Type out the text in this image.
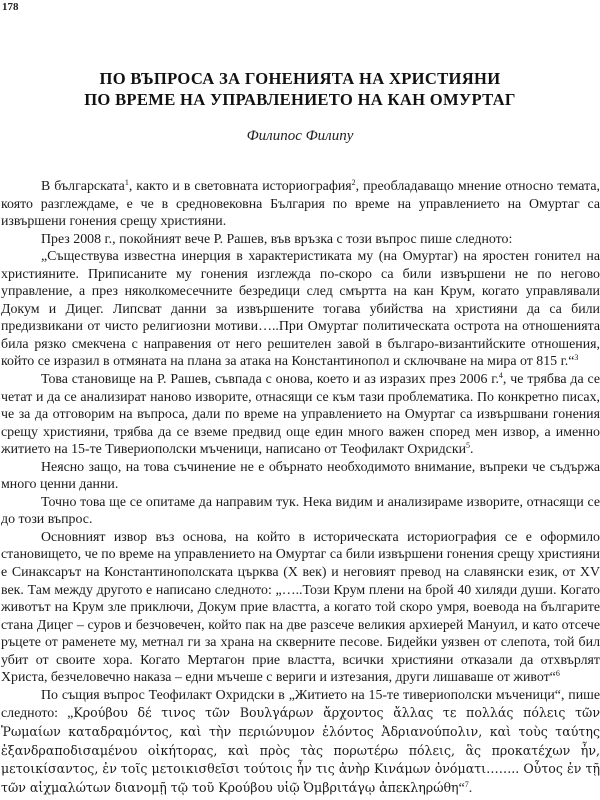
178
ПО ВЪПРОСА ЗА ГОНЕНИЯТА НА ХРИСТИЯНИ
ПО ВРЕМЕ НА УПРАВЛЕНИЕТО НА КАН ОМУРТАГ
Филипос Филипу

В българската$^1$, както и в световната историография$^2$, преобладаващо мнение относно темата, която разглеждаме, е че в средновековна България по време на управлението на Омуртаг са извършени гонения срещу християни.

През 2008 г., покойният вече Р. Рашев, във връзка с този въпрос пише следното:

„Съществува известна инерция в характеристиката му (на Омуртаг) на яростен гонител на християните. Приписаните му гонения изглежда по-скоро са били извършени не по негово управление, а през няколкомесечните безредици след смъртта на кан Крум, когато управлявали Докум и Дицег. Липсват данни за извършените тогава убийства на християни да са били предизвикани от чисто религиозни мотиви…..При Омуртаг политическата острота на отношенията била рязко смекчена с направения от него решителен завой в българо-византийските отношения, който се изразил в отмяната на плана за атака на Константинопол и сключване на мира от 815 г.“$^3$

Това становище на Р. Рашев, съвпада с онова, което и аз изразих през 2006 г.$^4$, че трябва да се четат и да се анализират наново изворите, отнасящи се към тази проблематика. По конкретно писах, че за да отговорим на въпроса, дали по време на управлението на Омуртаг са извършвани гонения срещу християни, трябва да се вземе предвид още един много важен според мен извор, а именно житието на 15-те Тивериополски мъченици, написано от Теофилакт Охридски$^5$.

Неясно защо, на това съчинение не е обърнато необходимото внимание, въпреки че съдържа много ценни данни.

Точно това ще се опитаме да направим тук. Нека видим и анализираме изворите, отнасящи се до този въпрос.

Основният извор въз основа, на който в историческата историография се е оформило становището, че по време на управлението на Омуртаг са били извършени гонения срещу християни е Синаксарът на Константинополската църква (X век) и неговият превод на славянски език, от XV век. Там между другото е написано следното: „…..Този Крум плени на брой 40 хиляди души. Когато животът на Крум зле приключи, Докум прие властта, а когато той скоро умря, воевода на българите стана Дицег – суров и безчовечен, който пак на две разсече великия архиерей Мануил, и като отсече ръцете от раменете му, метнал ги за храна на скверните песове. Бидейки уязвен от слепота, той бил убит от своите хора. Когато Мертагон прие властта, всички християни отказали да отхвърлят Христа, безчеловечно наказа – едни мъчеше с вериги и изтезания, други лишаваше от живот“$^6$

По същия въпрос Теофилакт Охридски в „Житието на 15-те тивериополски мъченици“, пише следното: „Κρούβου δέ τινος τῶν Βουλγάρων ἄρχοντος ἄλλας τε πολλάς πόλεις τῶν Ῥωμαίων καταδραμόντος, καὶ τὴν περιώνυμον ἑλόντος Ἀδριανούπολιν, καὶ τοὺς ταύτης ἐξανδραποδισαμένου οἰκήτορας, καὶ πρὸς τὰς πορωτέρω πόλεις, ἃς προκατέχων ἦν, μετοικίσαντος, ἐν τοῖς μετοικισθεῖσι τούτοις ἦν τις ἀνὴρ Κινάμων ὀνόματι…….. Οὗτος ἐν τῇ τῶν αἰχμαλώτων διανομῇ τῷ τοῦ Κρούβου υἱῷ Ὀμβριτάγῳ ἀπεκληρώθη“$^7$.
